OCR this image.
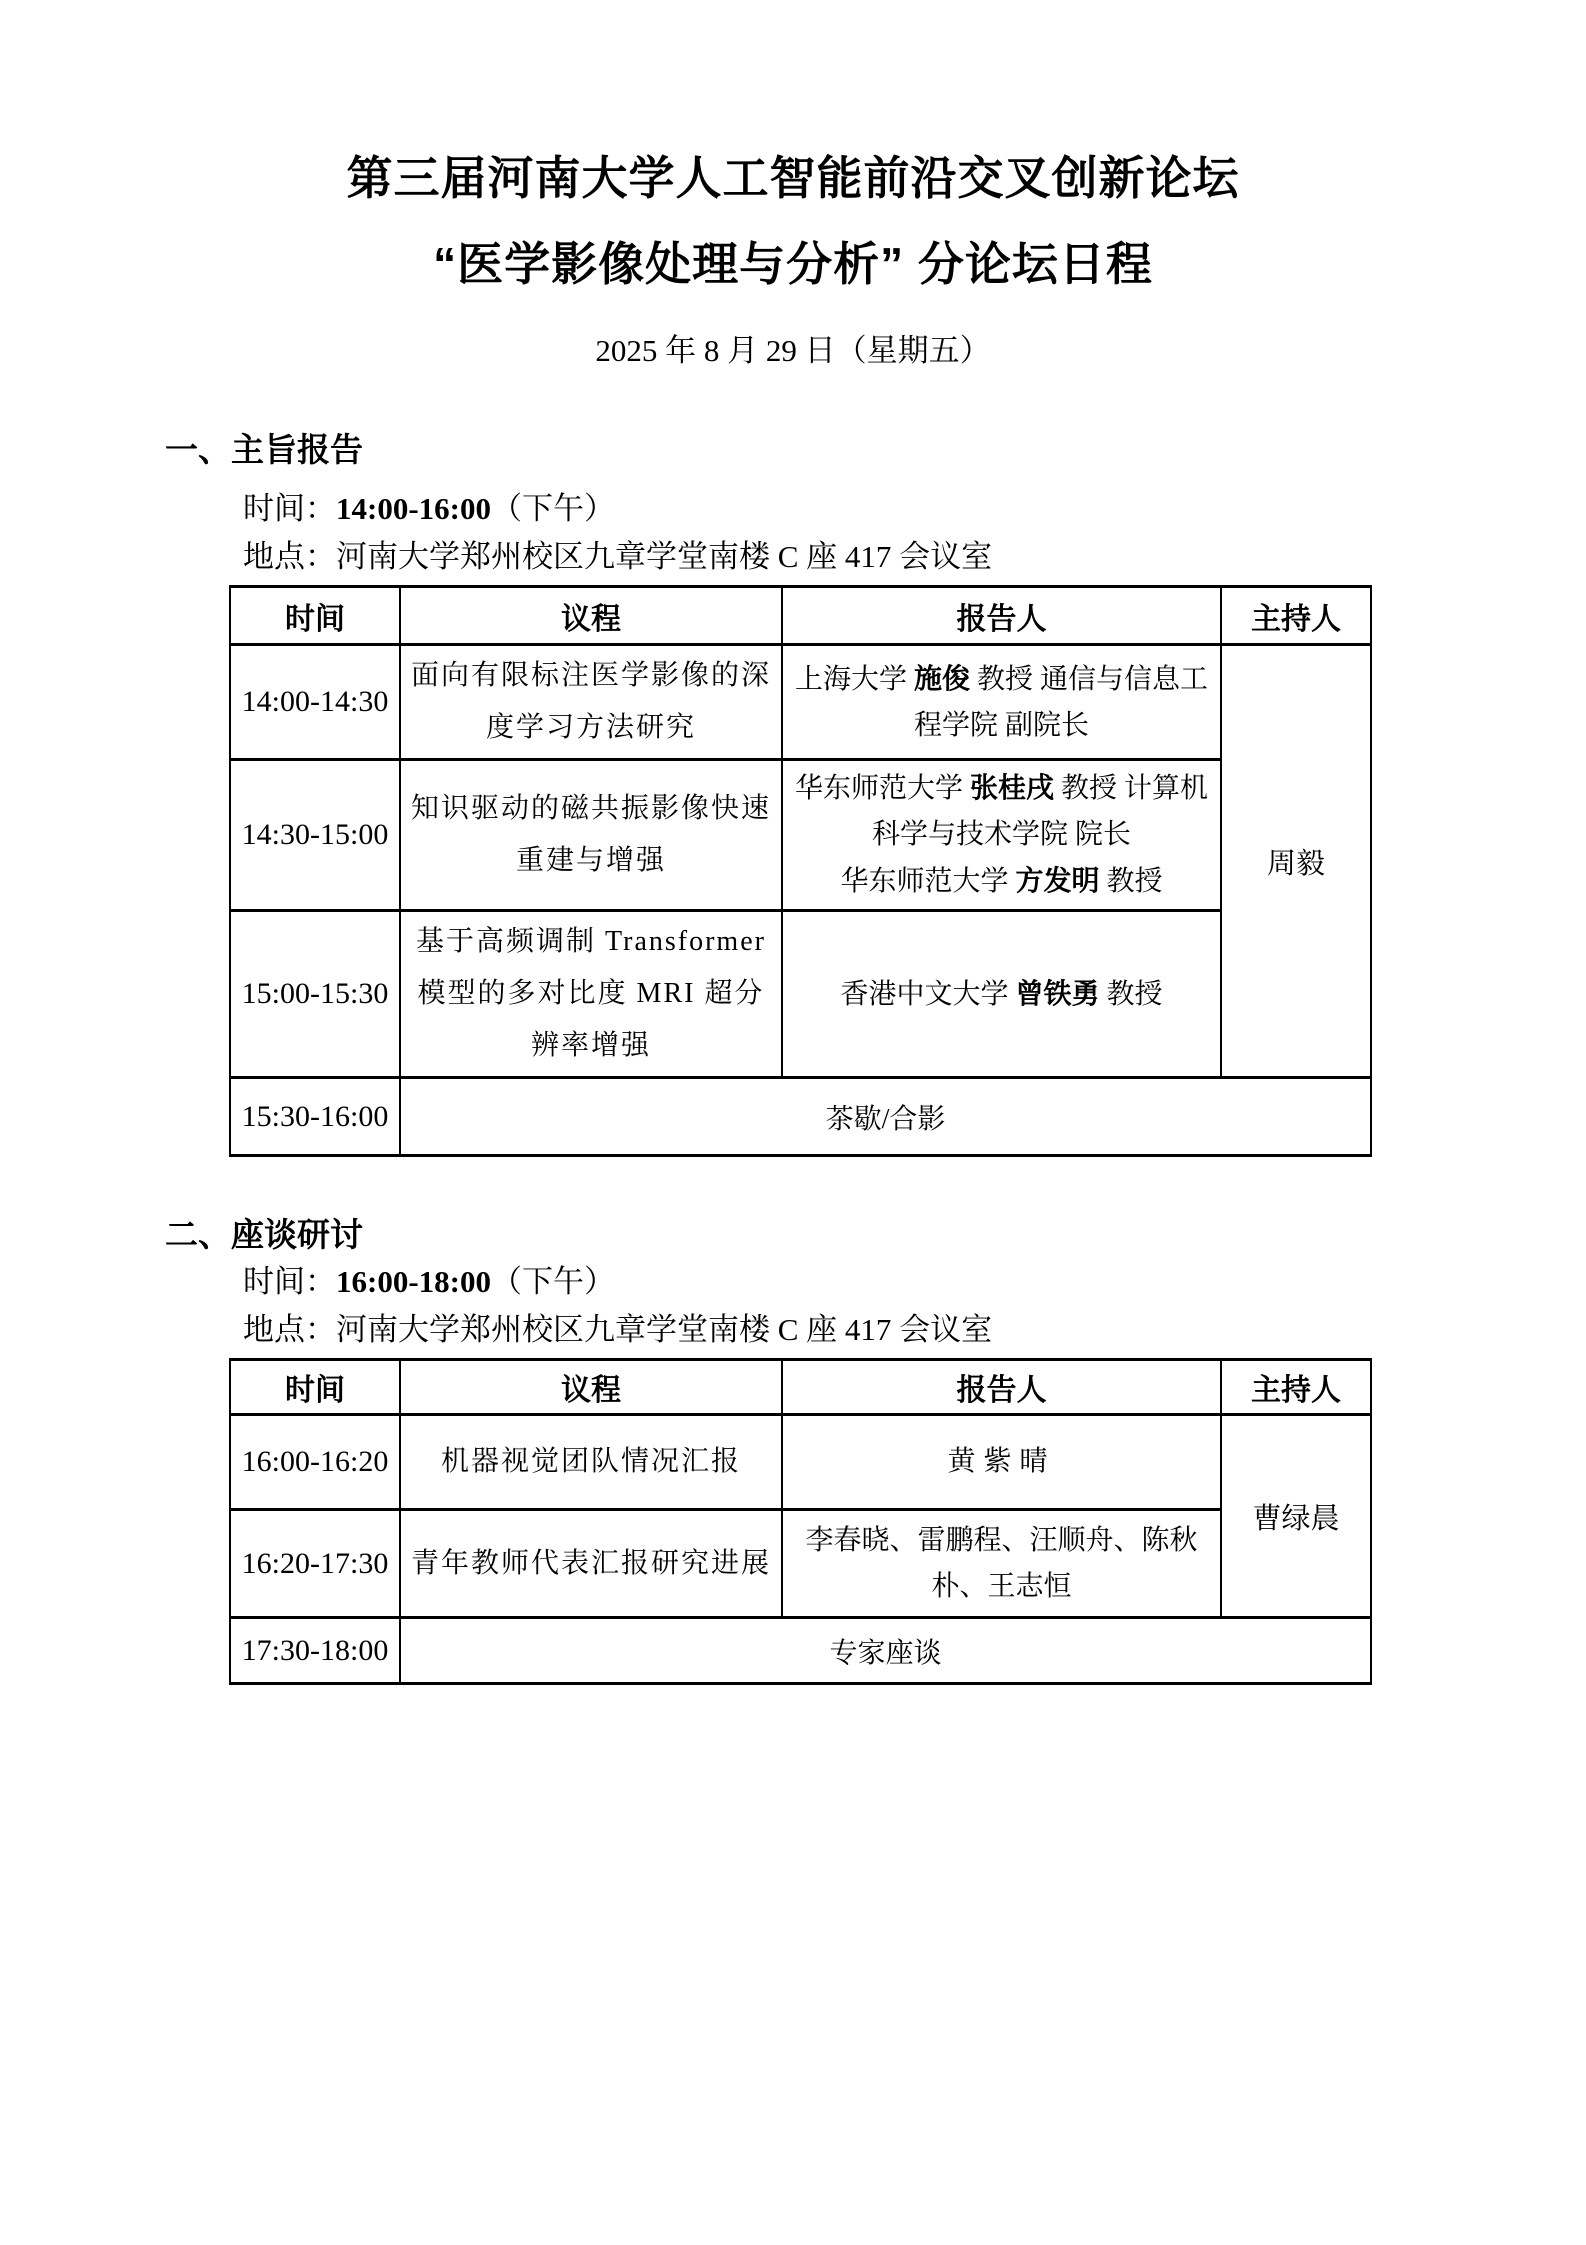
第三届河南大学人工智能前沿交叉创新论坛
“医学影像处理与分析” 分论坛日程
2025 年 8 月 29 日（星期五）
一、主旨报告

时间：14:00-16:00（下午）

地点：河南大学郑州校区九章学堂南楼 C 座 417 会议室

时间	议程	报告人	主持人
14:00-14:30	面向有限标注医学影像的深度学习方法研究	上海大学 施俊 教授 通信与信息工程学院 副院长	周毅
14:30-15:00	知识驱动的磁共振影像快速重建与增强	华东师范大学 张桂戌 教授 计算机科学与技术学院 院长
华东师范大学 方发明 教授	
15:00-15:30	基于高频调制 Transformer 模型的多对比度 MRI 超分辨率增强	香港中文大学 曾铁勇 教授	
15:30-16:00	茶歇/合影		
二、座谈研讨

时间：16:00-18:00（下午）

地点：河南大学郑州校区九章学堂南楼 C 座 417 会议室

时间	议程	报告人	主持人
16:00-16:20	机器视觉团队情况汇报	黄紫晴	曹绿晨
16:20-17:30	青年教师代表汇报研究进展	李春晓、雷鹏程、汪顺舟、陈秋朴、王志恒	
17:30-18:00	专家座谈		
